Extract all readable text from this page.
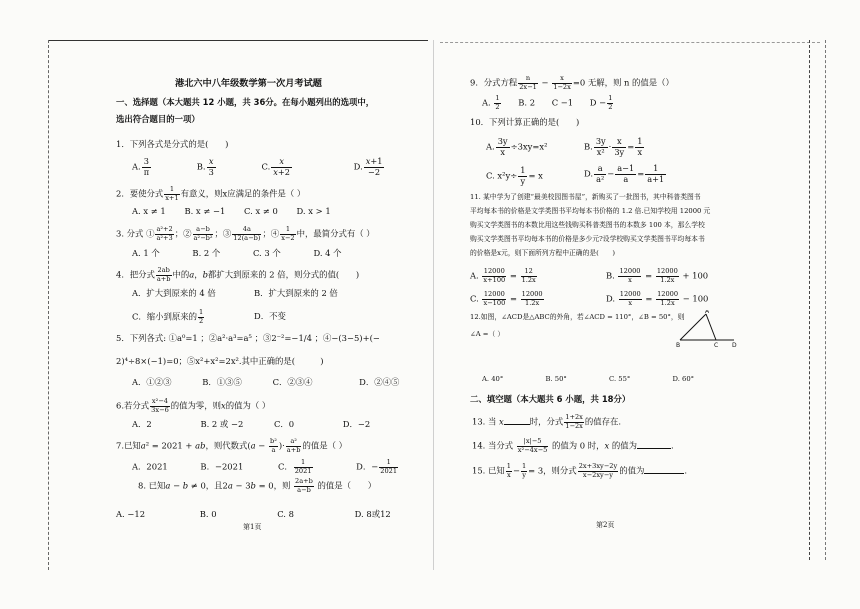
港北六中八年级数学第一次月考试题
一、选择题（本大题共 12 小题，共 36分。在每小题列出的选项中，
选出符合题目的一项）
1．下列各式是分式的是(　　)
A. $\frac{3}{\pi}$	B. $\frac{x}{3}$	C. $\frac{x}{x+2}$	D. $\frac{x+1}{-2}$
2．要使分式 $\frac{1}{x+1}$ 有意义，则x应满足的条件是（ ）
A. x ≠ 1 B. x ≠ −1 C. x ≠ 0 D. x > 1
3. 分式 ① $\frac{\text{a²+2}}{\text{a²+3}}$ ；② $\frac{a-b}{\text{a²−b²}}$ ；③ $\frac{4a}{12(a-b)}$ ；④ $\frac{1}{x-2}$ 中，最简分式有（ ）
A. 1 个	B. 2 个	C. 3 个	D. 4 个
4．把分式 $\frac{2ab}{a+b}$ 中的a，b都扩大到原来的 2 倍，则分式的值(　　)
A．扩大到原来的 4 倍	B．扩大到原来的 2 倍
C．缩小到原来的 $\frac{1}{2}$	D．不变
5．下列各式: ①a⁰=1 ；②a²·a³=a⁵ ；③2⁻²=−1/4 ；④−(3−5)+(−
2)⁴÷8×(−1)=0；⑤x²+x²=2x².其中正确的是(　　　)
A．①②③	B．①③⑤	C．②③④	D．②④⑤
6.若分式 $\frac{\text{x²−4}}{3x-6}$ 的值为零，则x的值为（ ）
A．2	B. 2 或 −2	C．0	D．−2
7.已知a² = 2021 + ab，则代数式($a - \frac{\text{b²}}{a}$ )· $\frac{\text{a²}}{a+b}$ 的值是（ ）
A．2021	B．−2021	C． $\frac{1}{2021}$	D．− $\frac{1}{2021}$
8. 已知a − b ≠ 0，且2a − 3b = 0，则 $\frac{2a+b}{a-b}$ 的值是（　　）
A. −12	B. 0	C. 8	D. 8或12
第1页
9．分式方程 $\frac{n}{2x-1} - \frac{x}{1-2x} =0$ 无解，则 n 的值是（）
A. $\frac{1}{2} B$. 2 C −1 $D - \frac{1}{2}$
10．下列计算正确的是(　　)
A. $\frac{3y}{x} \div 3xy=x^2$	B. $\frac{3y}{\text{x²}} \cdot \frac{x}{3y} = \frac{1}{x}$
C. $x^2y\div \frac{1}{y} = x$	D. $\frac{a}{\text{a²}} - \frac{a-1}{a} = \frac{1}{a+1}$
11. 某中学为了创建“最美校园图书屋”，新购买了一批图书，其中科普类图书
平均每本书的价格是文学类图书平均每本书价格的 1.2 倍.已知学校用 12000 元
购买文学类图书的本数比用这些钱购买科普类图书的本数多 100 本，那么学校
购买文学类图书平均每本书的价格是多少元?设学校购买文学类图书平均每本书
的价格是x元，则下面所列方程中正确的是(　　)
A. $\frac{12000}{x+100} = \frac{12}{1.2x}$	B. $\frac{12000}{x} = \frac{12000}{1.2x} + 100$
C. $\frac{12000}{x-100} = \frac{12000}{1.2x}$	D. $\frac{12000}{x} = \frac{12000}{1.2x} - 100$
12.如图，∠ACD是△ABC的外角，若∠ACD = 110°，∠B = 50°，则
∠A =（ ）
A
B	C D
A. 40°	B. 50°	C. 55°	D. 60°
二、填空题（本大题共 6 小题，共 18分）
13. 当 x	时，分式 $\frac{1+2x}{1-2x}$ 的值存在.
14. 当分式 $\frac{|x|-5}{\text{x²−4x−5}}$ 的值为 0 时，x 的值为	.
15. 已知 $\frac{1}{x} - \frac{1}{y} = 3$，则分式 $\frac{2x+3xy-2y}{x-2xy-y}$ 的值为	.
第2页
